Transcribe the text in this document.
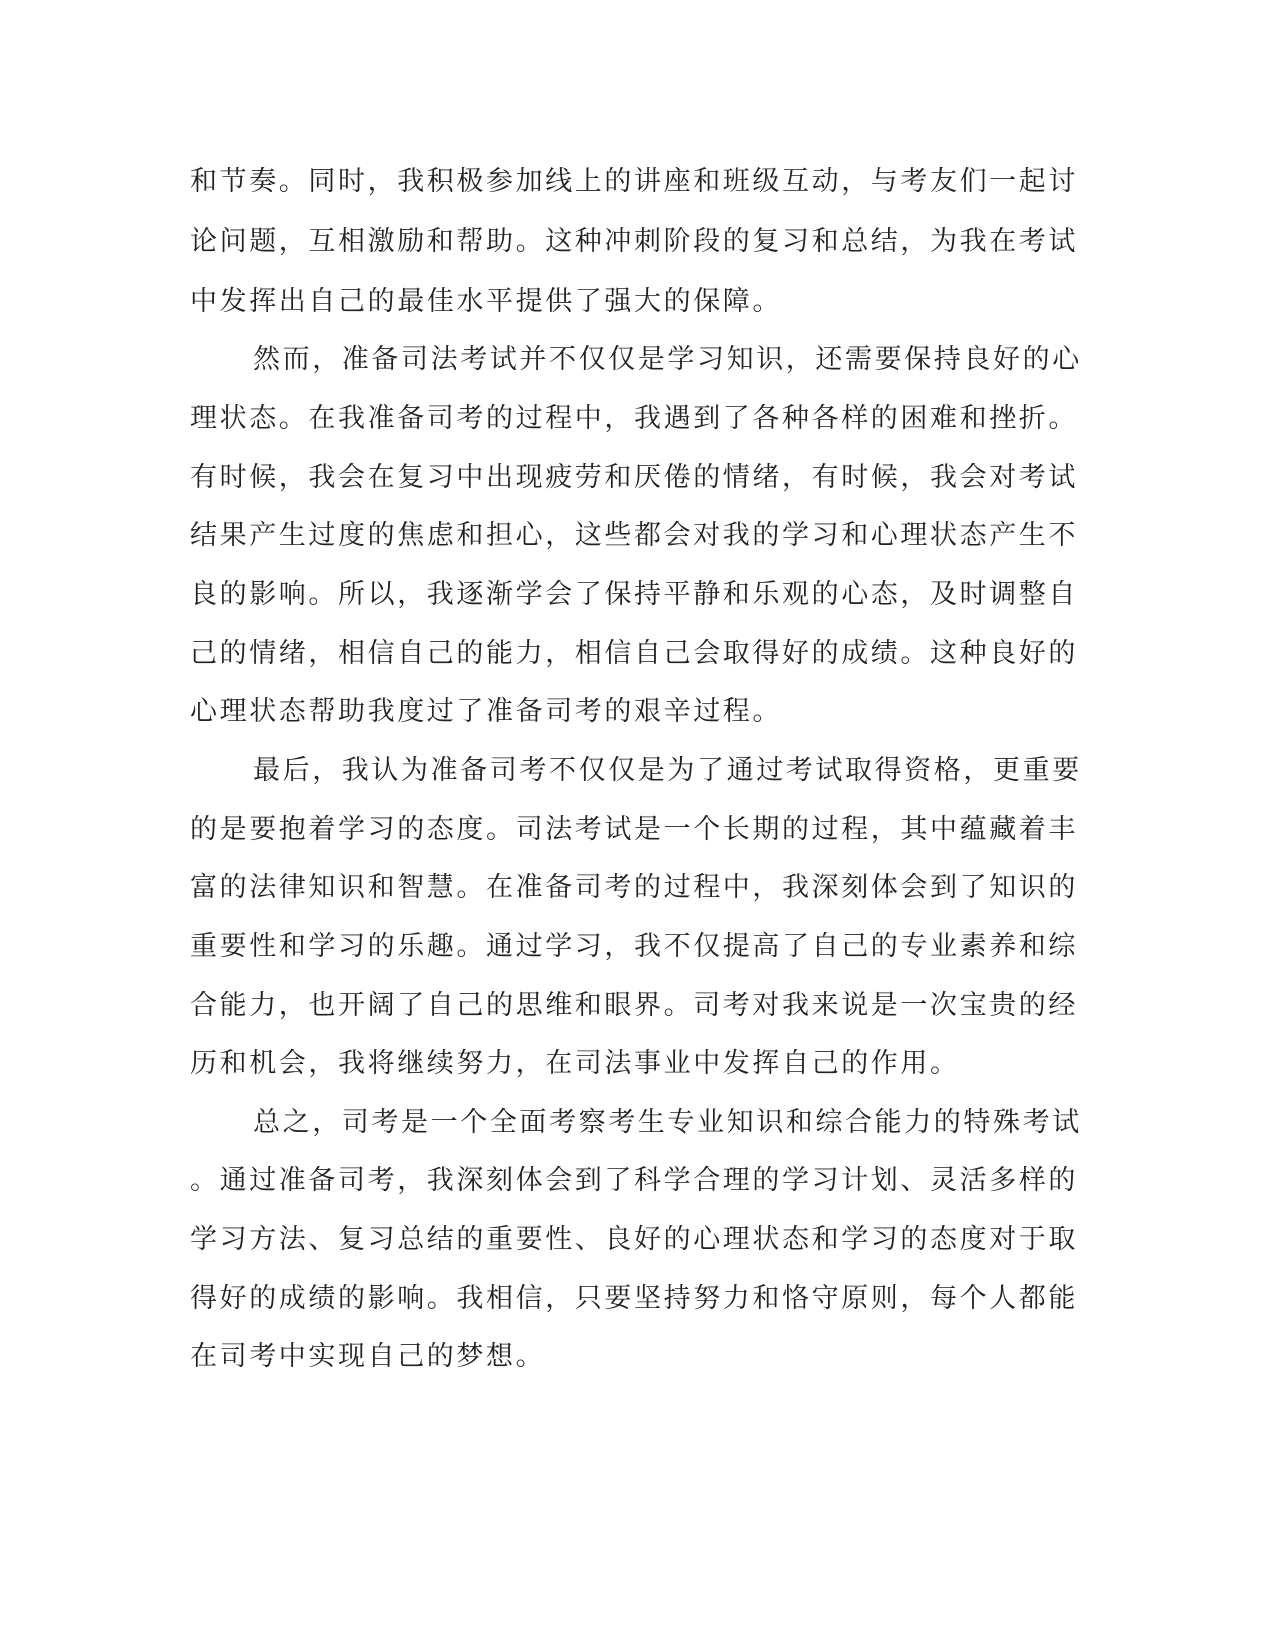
和节奏。同时，我积极参加线上的讲座和班级互动，与考友们一起讨
论问题，互相激励和帮助。这种冲刺阶段的复习和总结，为我在考试
中发挥出自己的最佳水平提供了强大的保障。
然而，准备司法考试并不仅仅是学习知识，还需要保持良好的心
理状态。在我准备司考的过程中，我遇到了各种各样的困难和挫折。
有时候，我会在复习中出现疲劳和厌倦的情绪，有时候，我会对考试
结果产生过度的焦虑和担心，这些都会对我的学习和心理状态产生不
良的影响。所以，我逐渐学会了保持平静和乐观的心态，及时调整自
己的情绪，相信自己的能力，相信自己会取得好的成绩。这种良好的
心理状态帮助我度过了准备司考的艰辛过程。
最后，我认为准备司考不仅仅是为了通过考试取得资格，更重要
的是要抱着学习的态度。司法考试是一个长期的过程，其中蕴藏着丰
富的法律知识和智慧。在准备司考的过程中，我深刻体会到了知识的
重要性和学习的乐趣。通过学习，我不仅提高了自己的专业素养和综
合能力，也开阔了自己的思维和眼界。司考对我来说是一次宝贵的经
历和机会，我将继续努力，在司法事业中发挥自己的作用。
总之，司考是一个全面考察考生专业知识和综合能力的特殊考试
。通过准备司考，我深刻体会到了科学合理的学习计划、灵活多样的
学习方法、复习总结的重要性、良好的心理状态和学习的态度对于取
得好的成绩的影响。我相信，只要坚持努力和恪守原则，每个人都能
在司考中实现自己的梦想。
